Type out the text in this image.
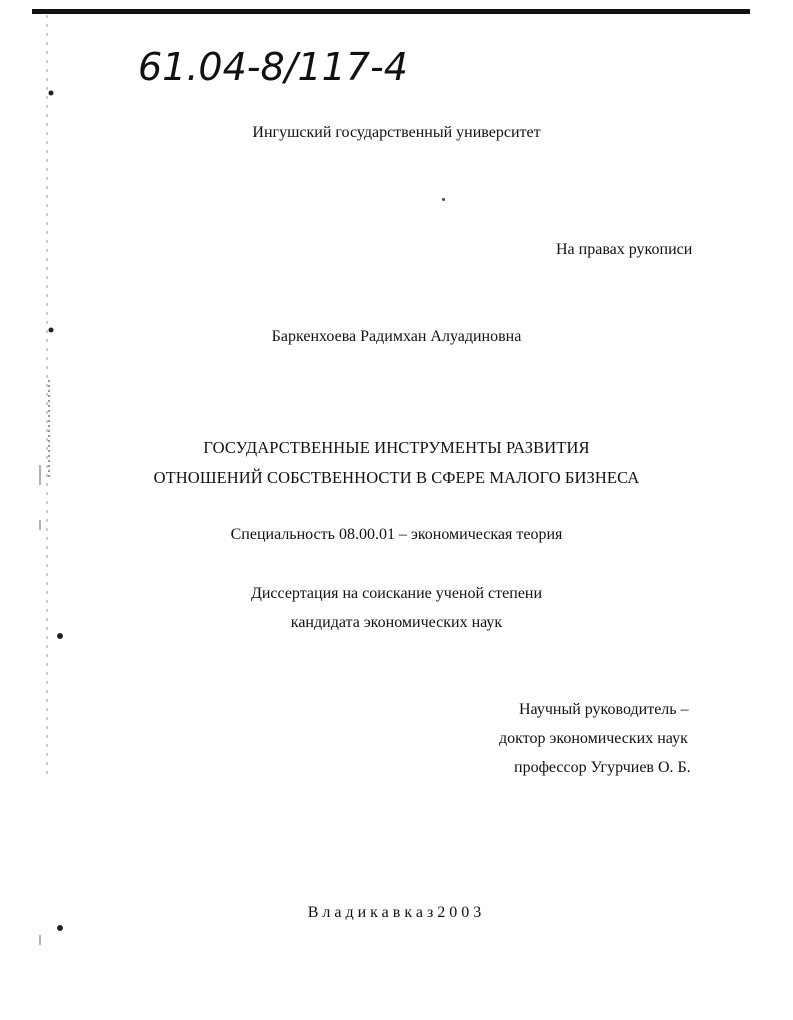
61.04-8/117-4
Ингушский государственный университет
На правах рукописи
Баркенхоева Радимхан Алуадиновна
ГОСУДАРСТВЕННЫЕ ИНСТРУМЕНТЫ РАЗВИТИЯ
ОТНОШЕНИЙ СОБСТВЕННОСТИ В СФЕРЕ МАЛОГО БИЗНЕСА
Специальность 08.00.01 – экономическая теория
Диссертация на соискание ученой степени
кандидата экономических наук
Научный руководитель –
доктор экономических наук
профессор Угурчиев О. Б.
Владикавказ2003
